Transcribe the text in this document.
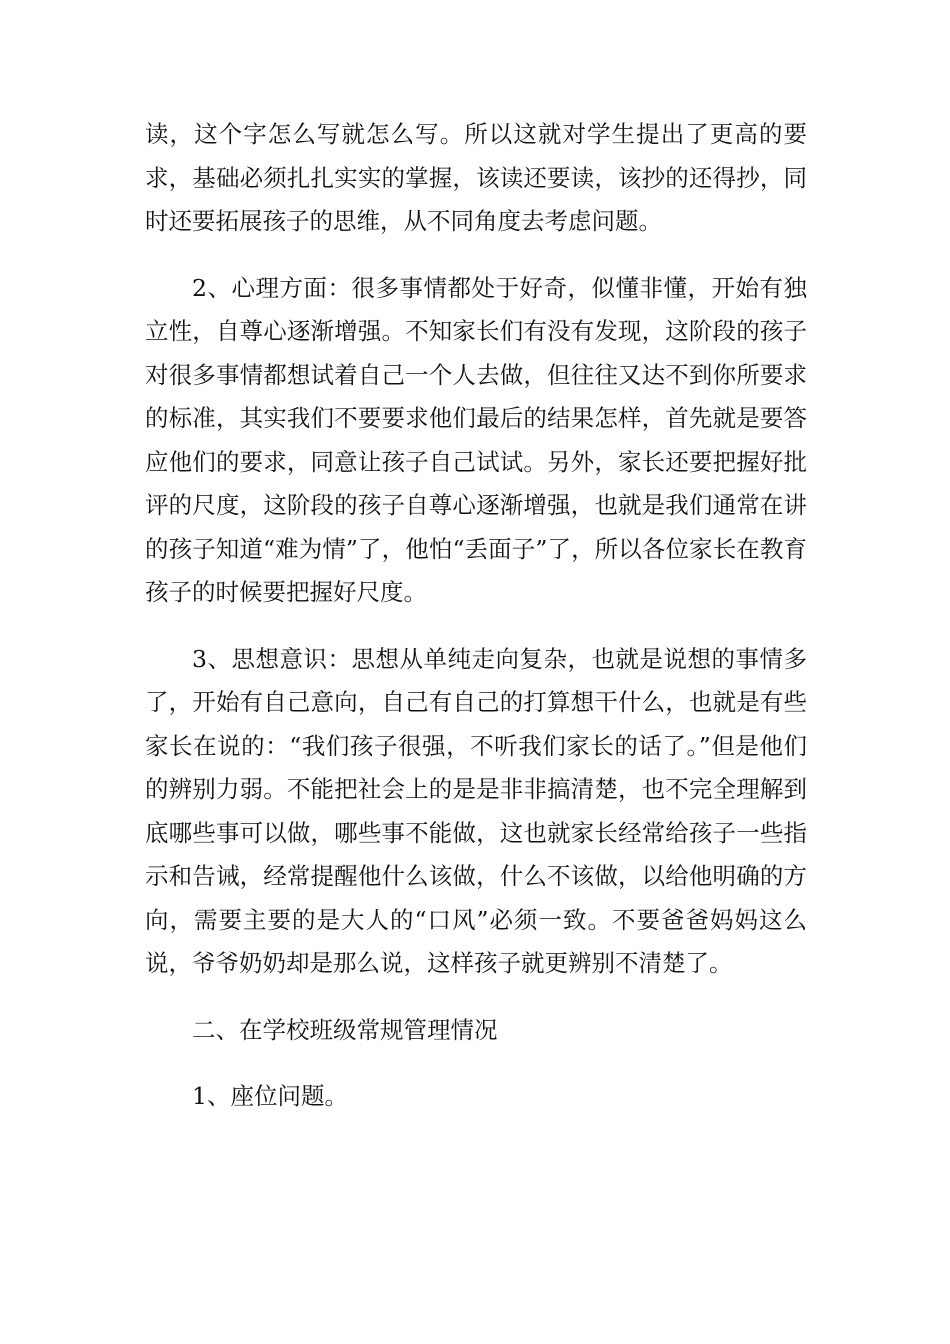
读，这个字怎么写就怎么写。所以这就对学生提出了更高的要求，基础必须扎扎实实的掌握，该读还要读，该抄的还得抄，同时还要拓展孩子的思维，从不同角度去考虑问题。

2、心理方面：很多事情都处于好奇，似懂非懂，开始有独立性，自尊心逐渐增强。不知家长们有没有发现，这阶段的孩子对很多事情都想试着自己一个人去做，但往往又达不到你所要求的标准，其实我们不要要求他们最后的结果怎样，首先就是要答应他们的要求，同意让孩子自己试试。另外，家长还要把握好批评的尺度，这阶段的孩子自尊心逐渐增强，也就是我们通常在讲的孩子知道“难为情”了，他怕“丢面子”了，所以各位家长在教育孩子的时候要把握好尺度。

3、思想意识：思想从单纯走向复杂，也就是说想的事情多了，开始有自己意向，自己有自己的打算想干什么，也就是有些家长在说的：“我们孩子很强，不听我们家长的话了。”但是他们的辨别力弱。不能把社会上的是是非非搞清楚，也不完全理解到底哪些事可以做，哪些事不能做，这也就家长经常给孩子一些指示和告诫，经常提醒他什么该做，什么不该做，以给他明确的方向，需要主要的是大人的“口风”必须一致。不要爸爸妈妈这么说，爷爷奶奶却是那么说，这样孩子就更辨别不清楚了。

二、在学校班级常规管理情况

1、座位问题。
